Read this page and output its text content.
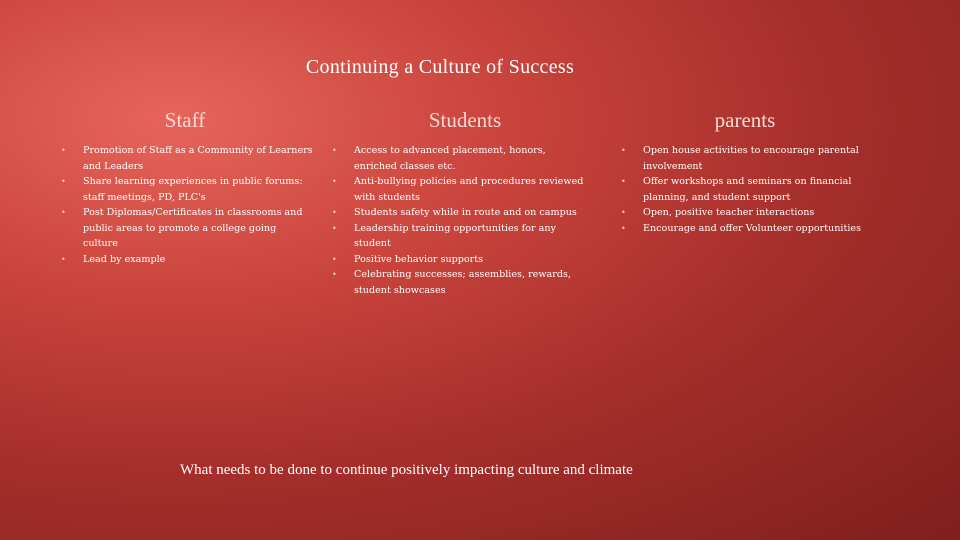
Continuing a Culture of Success
Staff	Students	parents
• Promotion of Staff as a Community of Learners and Leaders
• Share learning experiences in public forums: staff meetings, PD, PLC's
• Post Diplomas/Certificates in classrooms and public areas to promote a college going culture
• Lead by example
• Access to advanced placement, honors, enriched classes etc.
• Anti-bullying policies and procedures reviewed with students
• Students safety while in route and on campus
• Leadership training opportunities for any student
• Positive behavior supports
• Celebrating successes; assemblies, rewards, student showcases
• Open house activities to encourage parental involvement
• Offer workshops and seminars on financial planning, and student support
• Open, positive teacher interactions
• Encourage and offer Volunteer opportunities
What needs to be done to continue positively impacting culture and climate
